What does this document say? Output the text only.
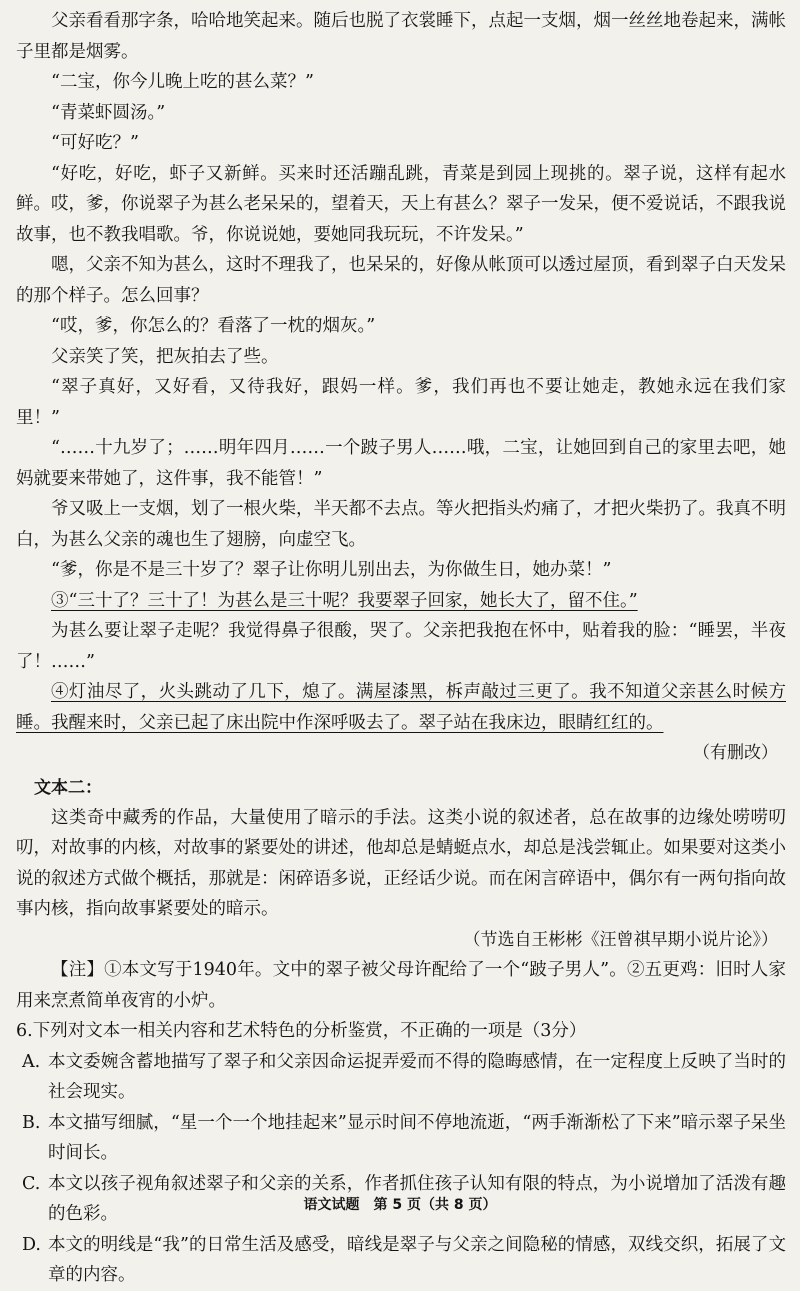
父亲看看那字条，哈哈地笑起来。随后也脱了衣裳睡下，点起一支烟，烟一丝丝地卷起来，满帐子里都是烟雾。

“二宝，你今儿晚上吃的甚么菜？”

“青菜虾圆汤。”

“可好吃？”

“好吃，好吃，虾子又新鲜。买来时还活蹦乱跳，青菜是到园上现挑的。翠子说，这样有起水鲜。哎，爹，你说翠子为甚么老呆呆的，望着天，天上有甚么？翠子一发呆，便不爱说话，不跟我说故事，也不教我唱歌。爷，你说说她，要她同我玩玩，不许发呆。”

嗯，父亲不知为甚么，这时不理我了，也呆呆的，好像从帐顶可以透过屋顶，看到翠子白天发呆的那个样子。怎么回事？

“哎，爹，你怎么的？看落了一枕的烟灰。”

父亲笑了笑，把灰拍去了些。

“翠子真好，又好看，又待我好，跟妈一样。爹，我们再也不要让她走，教她永远在我们家里！”

“……十九岁了；……明年四月……一个跛子男人……哦，二宝，让她回到自己的家里去吧，她妈就要来带她了，这件事，我不能管！”

爷又吸上一支烟，划了一根火柴，半天都不去点。等火把指头灼痛了，才把火柴扔了。我真不明白，为甚么父亲的魂也生了翅膀，向虚空飞。

“爹，你是不是三十岁了？翠子让你明儿别出去，为你做生日，她办菜！”

③“三十了？三十了！为甚么是三十呢？我要翠子回家，她长大了，留不住。”

为甚么要让翠子走呢？我觉得鼻子很酸，哭了。父亲把我抱在怀中，贴着我的脸：“睡罢，半夜了！……”

④灯油尽了，火头跳动了几下，熄了。满屋漆黑，柝声敲过三更了。我不知道父亲甚么时候方睡。我醒来时，父亲已起了床出院中作深呼吸去了。翠子站在我床边，眼睛红红的。

（有删改）

文本二：

这类奇中藏秀的作品，大量使用了暗示的手法。这类小说的叙述者，总在故事的边缘处唠唠叨叨，对故事的内核，对故事的紧要处的讲述，他却总是蜻蜓点水，却总是浅尝辄止。如果要对这类小说的叙述方式做个概括，那就是：闲碎语多说，正经话少说。而在闲言碎语中，偶尔有一两句指向故事内核，指向故事紧要处的暗示。

（节选自王彬彬《汪曾祺早期小说片论》）

【注】①本文写于1940年。文中的翠子被父母许配给了一个“跛子男人”。②五更鸡：旧时人家用来烹煮简单夜宵的小炉。

6.下列对文本一相关内容和艺术特色的分析鉴赏，不正确的一项是（3分）

A. 本文委婉含蓄地描写了翠子和父亲因命运捉弄爱而不得的隐晦感情，在一定程度上反映了当时的社会现实。
B. 本文描写细腻，“星一个一个地挂起来”显示时间不停地流逝，“两手渐渐松了下来”暗示翠子呆坐时间长。
C. 本文以孩子视角叙述翠子和父亲的关系，作者抓住孩子认知有限的特点，为小说增加了活泼有趣的色彩。
D. 本文的明线是“我”的日常生活及感受，暗线是翠子与父亲之间隐秘的情感，双线交织，拓展了文章的内容。
语文试题　第 5 页（共 8 页）
